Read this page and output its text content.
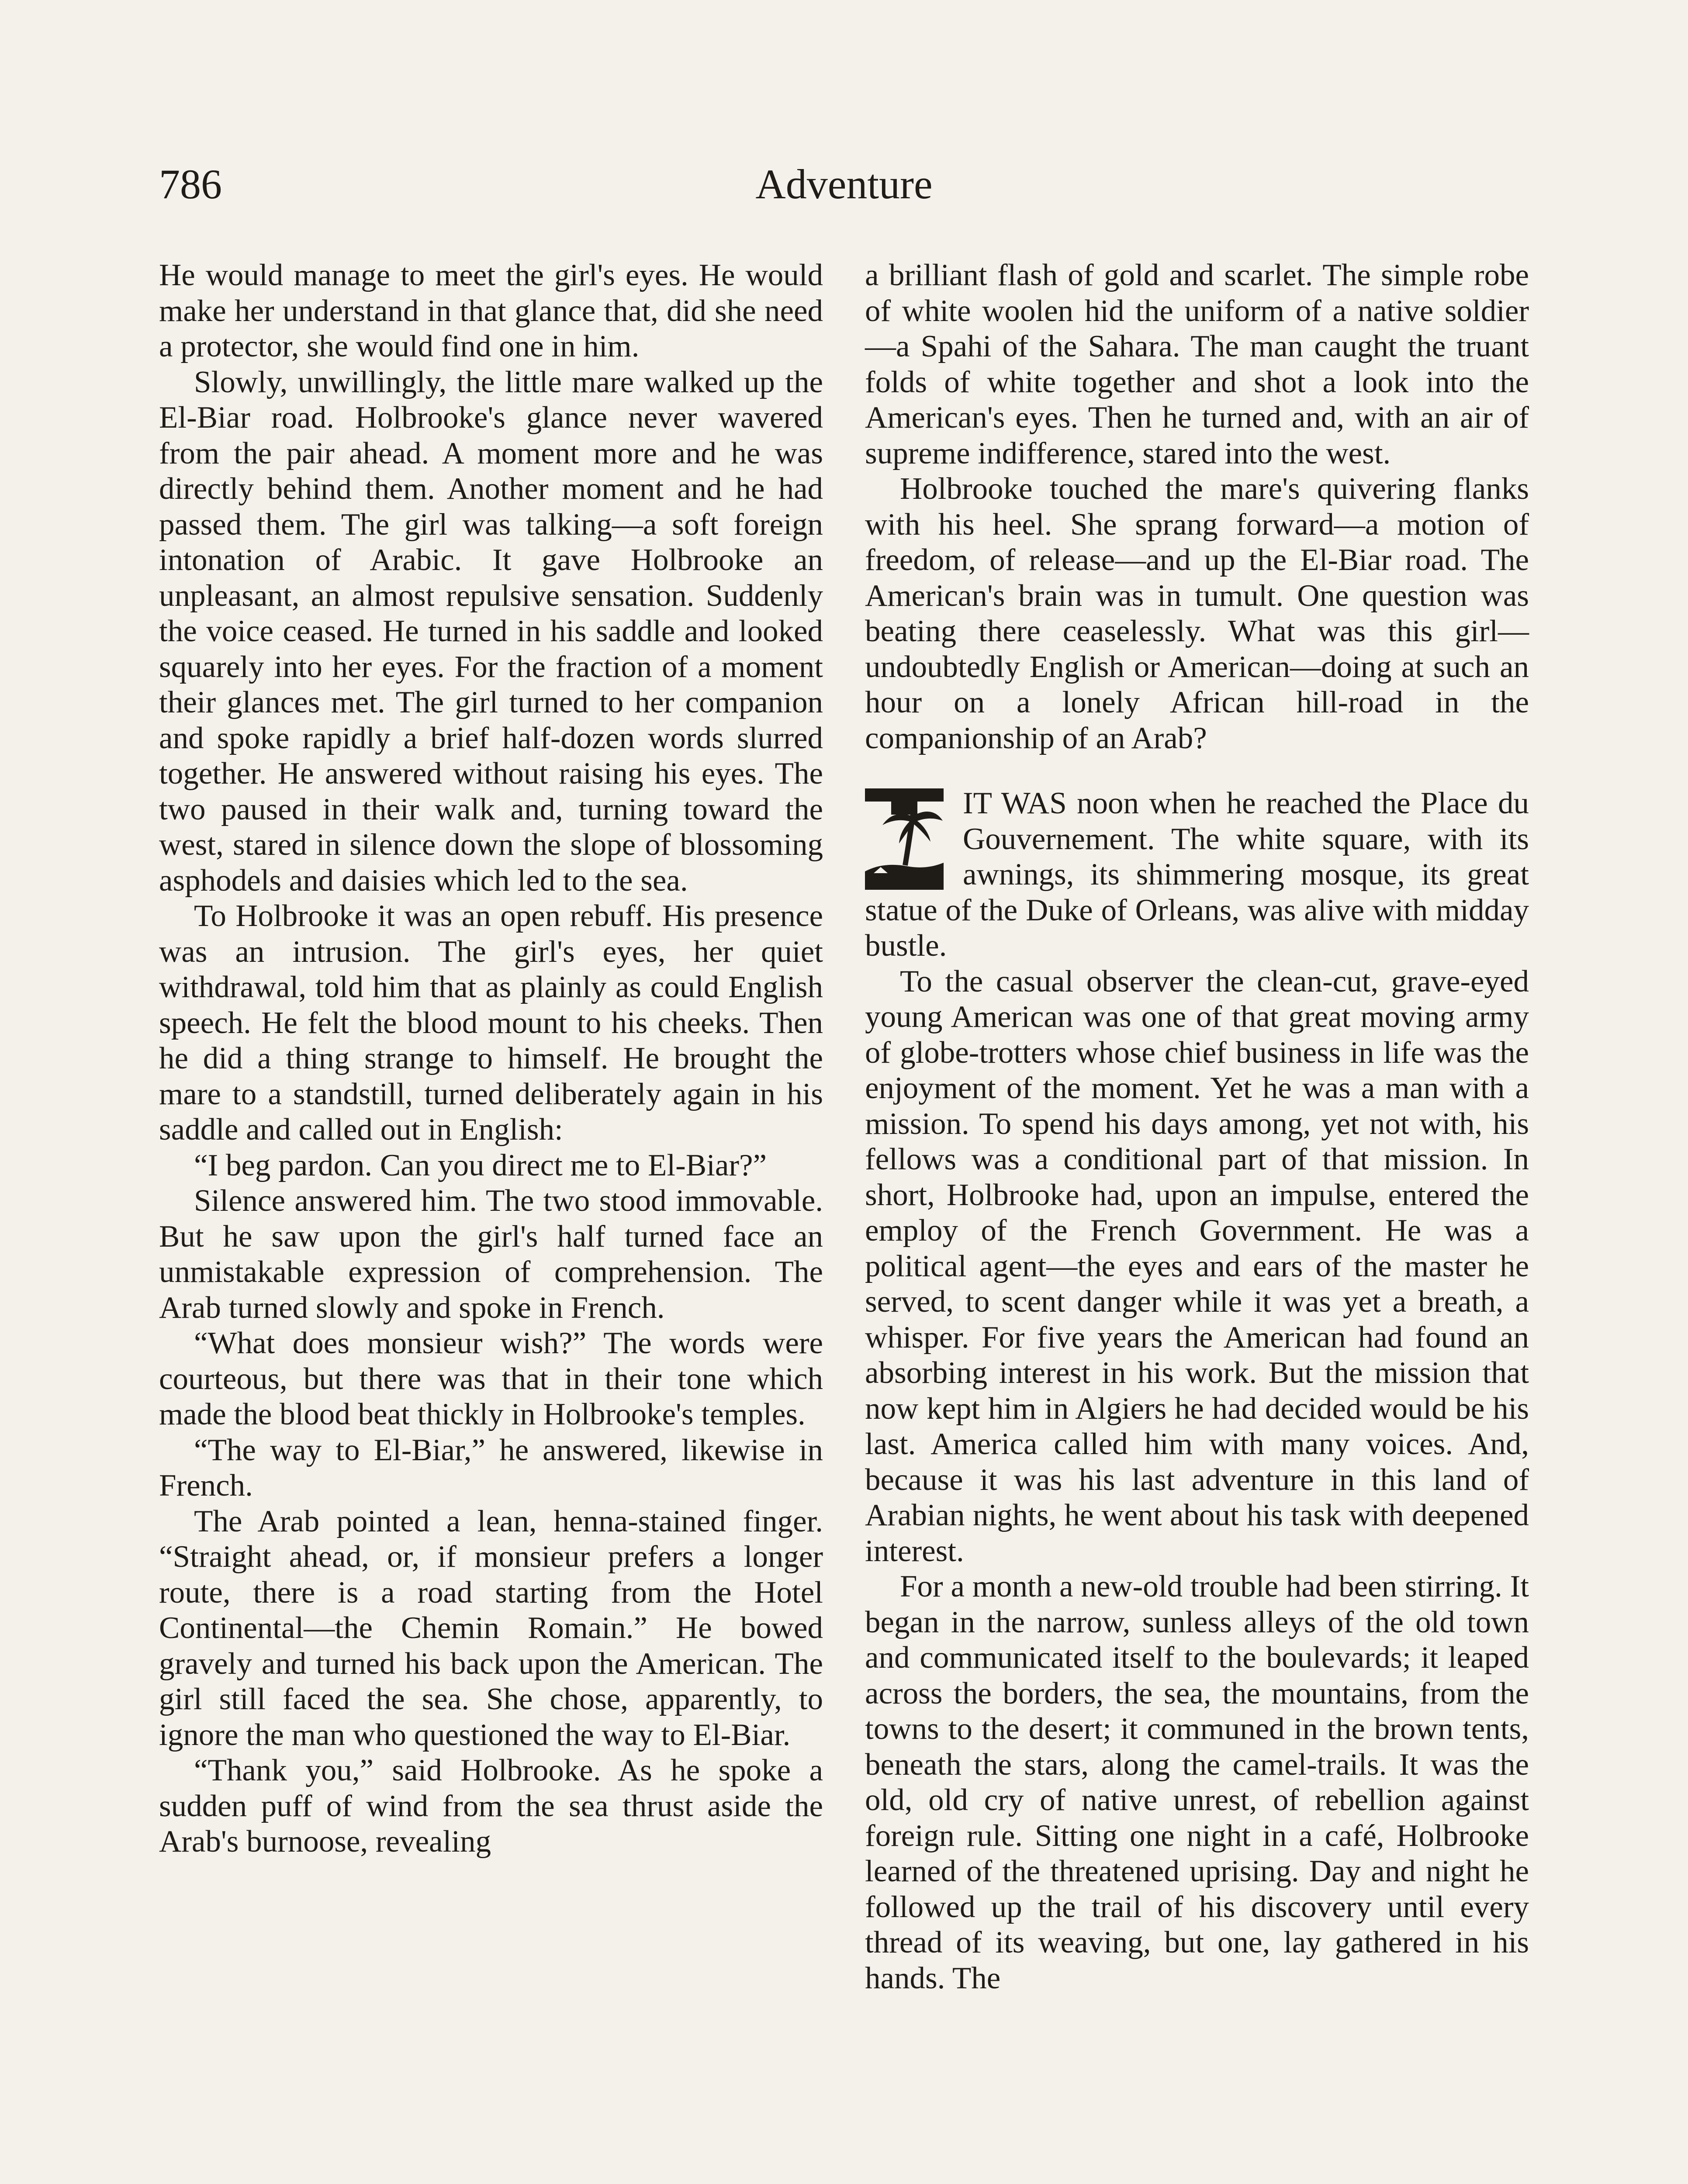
786	Adventure

He would manage to meet the girl's eyes. He would make her understand in that glance that, did she need a protector, she would find one in him.

Slowly, unwillingly, the little mare walked up the El-Biar road. Holbrooke's glance never wavered from the pair ahead. A moment more and he was directly behind them. Another moment and he had passed them. The girl was talking—a soft foreign intonation of Arabic. It gave Holbrooke an unpleasant, an almost repulsive sensation. Suddenly the voice ceased. He turned in his saddle and looked squarely into her eyes. For the fraction of a moment their glances met. The girl turned to her companion and spoke rapidly a brief half-dozen words slurred together. He answered without raising his eyes. The two paused in their walk and, turning toward the west, stared in silence down the slope of blossoming asphodels and daisies which led to the sea.

To Holbrooke it was an open rebuff. His presence was an intrusion. The girl's eyes, her quiet withdrawal, told him that as plainly as could English speech. He felt the blood mount to his cheeks. Then he did a thing strange to himself. He brought the mare to a standstill, turned deliberately again in his saddle and called out in English:

“I beg pardon. Can you direct me to El-Biar?”

Silence answered him. The two stood immovable. But he saw upon the girl's half turned face an unmistakable expression of comprehension. The Arab turned slowly and spoke in French.

“What does monsieur wish?” The words were courteous, but there was that in their tone which made the blood beat thickly in Holbrooke's temples.

“The way to El-Biar,” he answered, likewise in French.

The Arab pointed a lean, henna-stained finger. “Straight ahead, or, if monsieur prefers a longer route, there is a road starting from the Hotel Continental—the Chemin Romain.” He bowed gravely and turned his back upon the American. The girl still faced the sea. She chose, apparently, to ignore the man who questioned the way to El-Biar.

“Thank you,” said Holbrooke. As he spoke a sudden puff of wind from the sea thrust aside the Arab's burnoose, revealing

a brilliant flash of gold and scarlet. The simple robe of white woolen hid the uniform of a native soldier—a Spahi of the Sahara. The man caught the truant folds of white together and shot a look into the American's eyes. Then he turned and, with an air of supreme indifference, stared into the west.

Holbrooke touched the mare's quivering flanks with his heel. She sprang forward—a motion of freedom, of release—and up the El-Biar road. The American's brain was in tumult. One question was beating there ceaselessly. What was this girl—undoubtedly English or American—doing at such an hour on a lonely African hill-road in the companionship of an Arab?

IT WAS noon when he reached the Place du Gouvernement. The white square, with its awnings, its shimmering mosque, its great statue of the Duke of Orleans, was alive with midday bustle.

To the casual observer the clean-cut, grave-eyed young American was one of that great moving army of globe-trotters whose chief business in life was the enjoyment of the moment. Yet he was a man with a mission. To spend his days among, yet not with, his fellows was a conditional part of that mission. In short, Holbrooke had, upon an impulse, entered the employ of the French Government. He was a political agent—the eyes and ears of the master he served, to scent danger while it was yet a breath, a whisper. For five years the American had found an absorbing interest in his work. But the mission that now kept him in Algiers he had decided would be his last. America called him with many voices. And, because it was his last adventure in this land of Arabian nights, he went about his task with deepened interest.

For a month a new-old trouble had been stirring. It began in the narrow, sunless alleys of the old town and communicated itself to the boulevards; it leaped across the borders, the sea, the mountains, from the towns to the desert; it communed in the brown tents, beneath the stars, along the camel-trails. It was the old, old cry of native unrest, of rebellion against foreign rule. Sitting one night in a café, Holbrooke learned of the threatened uprising. Day and night he followed up the trail of his discovery until every thread of its weaving, but one, lay gathered in his hands. The
